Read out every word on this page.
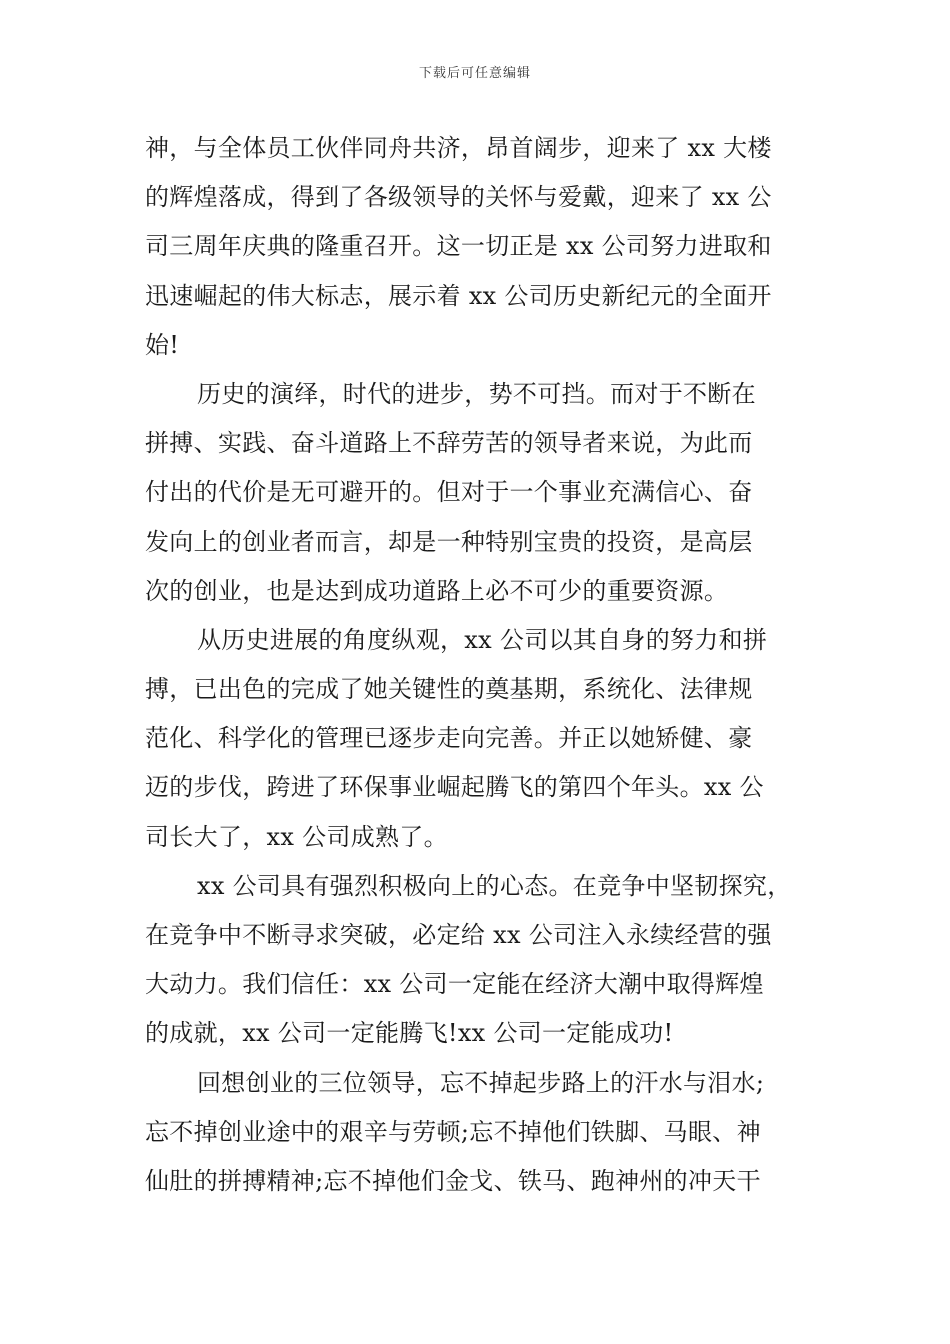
下载后可任意编辑
神，与全体员工伙伴同舟共济，昂首阔步，迎来了 xx 大楼
的辉煌落成，得到了各级领导的关怀与爱戴，迎来了 xx 公
司三周年庆典的隆重召开。这一切正是 xx 公司努力进取和
迅速崛起的伟大标志，展示着 xx 公司历史新纪元的全面开
始!
历史的演绎，时代的进步，势不可挡。而对于不断在
拼搏、实践、奋斗道路上不辞劳苦的领导者来说，为此而
付出的代价是无可避开的。但对于一个事业充满信心、奋
发向上的创业者而言，却是一种特别宝贵的投资，是高层
次的创业，也是达到成功道路上必不可少的重要资源。
从历史进展的角度纵观，xx 公司以其自身的努力和拼
搏，已出色的完成了她关键性的奠基期，系统化、法律规
范化、科学化的管理已逐步走向完善。并正以她矫健、豪
迈的步伐，跨进了环保事业崛起腾飞的第四个年头。xx 公
司长大了，xx 公司成熟了。
xx 公司具有强烈积极向上的心态。在竞争中坚韧探究，
在竞争中不断寻求突破，必定给 xx 公司注入永续经营的强
大动力。我们信任：xx 公司一定能在经济大潮中取得辉煌
的成就，xx 公司一定能腾飞!xx 公司一定能成功!
回想创业的三位领导，忘不掉起步路上的汗水与泪水;
忘不掉创业途中的艰辛与劳顿;忘不掉他们铁脚、马眼、神
仙肚的拼搏精神;忘不掉他们金戈、铁马、跑神州的冲天干
